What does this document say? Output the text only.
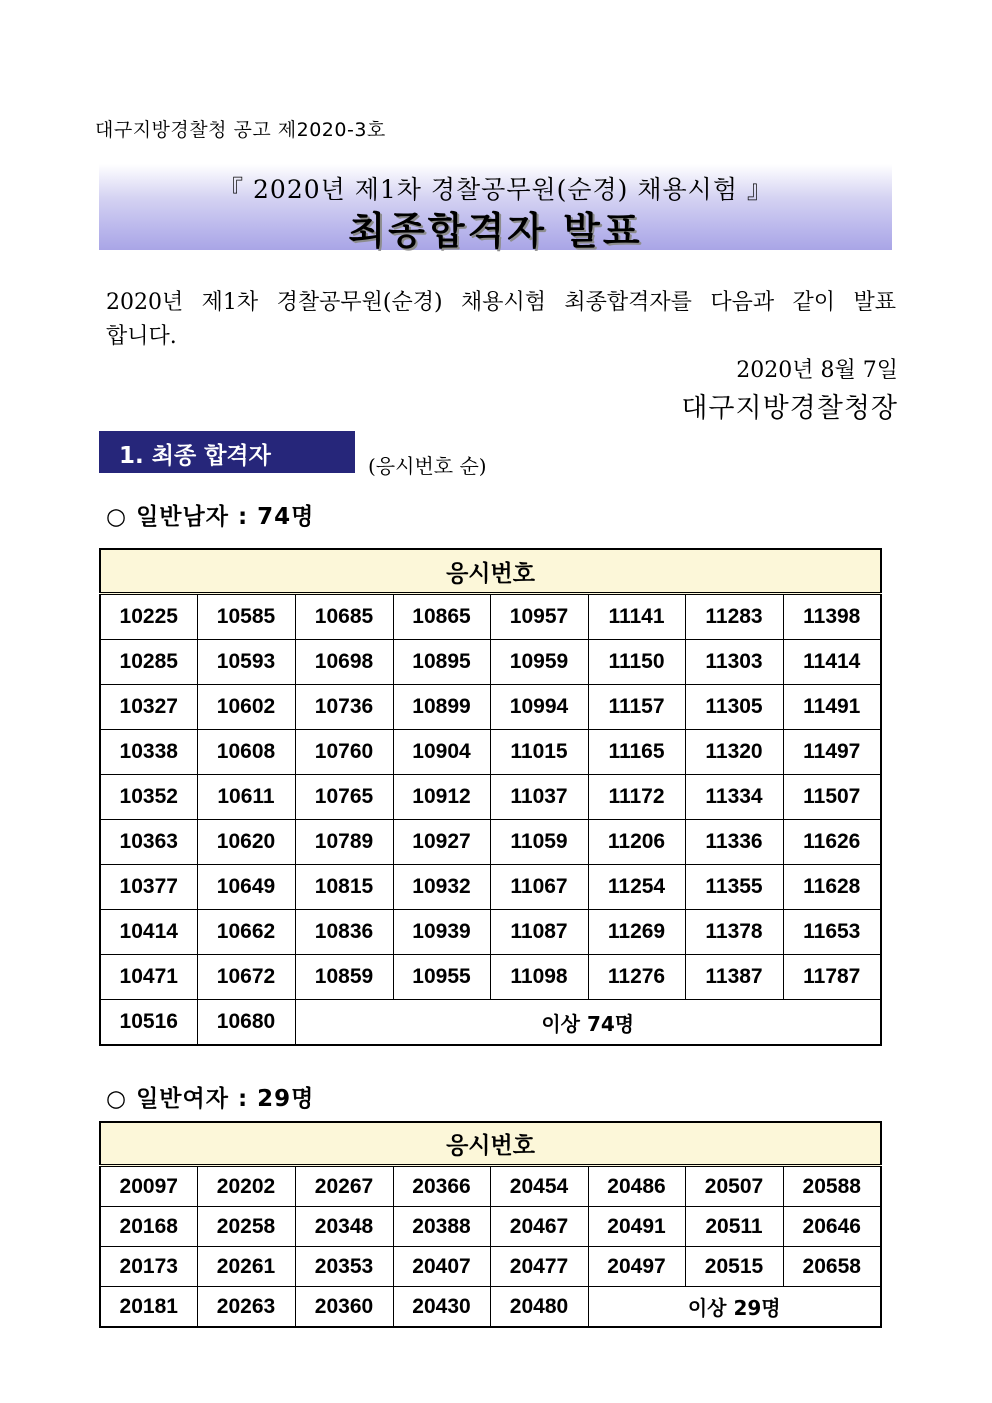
대구지방경찰청 공고 제2020-3호
『 2020년 제1차 경찰공무원(순경) 채용시험 』
최종합격자 발표
2020년 제1차 경찰공무원(순경) 채용시험 최종합격자를 다음과 같이 발표합니다.
2020년 8월 7일
대구지방경찰청장
1. 최종 합격자	(응시번호 순)
○ 일반남자 : 74명
응시번호							
10225	10585	10685	10865	10957	11141	11283	11398
10285	10593	10698	10895	10959	11150	11303	11414
10327	10602	10736	10899	10994	11157	11305	11491
10338	10608	10760	10904	11015	11165	11320	11497
10352	10611	10765	10912	11037	11172	11334	11507
10363	10620	10789	10927	11059	11206	11336	11626
10377	10649	10815	10932	11067	11254	11355	11628
10414	10662	10836	10939	11087	11269	11378	11653
10471	10672	10859	10955	11098	11276	11387	11787
10516	10680	이상 74명					
○ 일반여자 : 29명
응시번호							
20097	20202	20267	20366	20454	20486	20507	20588
20168	20258	20348	20388	20467	20491	20511	20646
20173	20261	20353	20407	20477	20497	20515	20658
20181	20263	20360	20430	20480	이상 29명		
